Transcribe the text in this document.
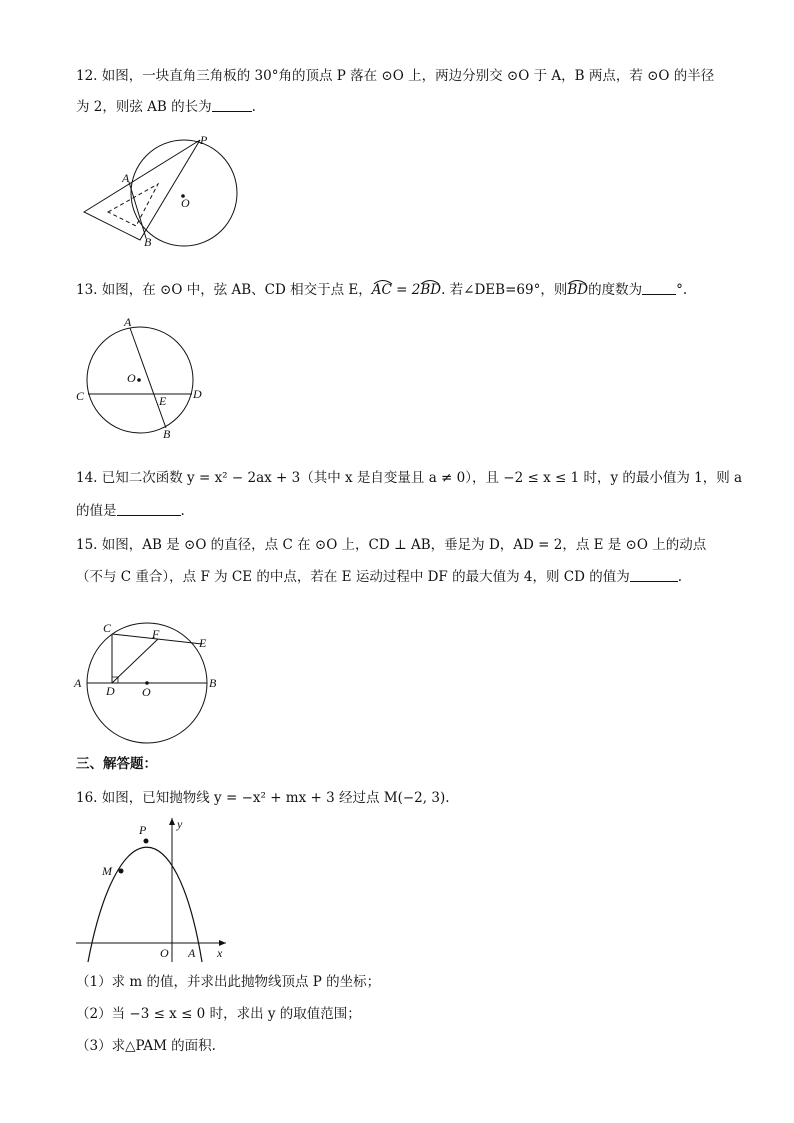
12. 如图，一块直角三角板的 30°角的顶点 P 落在 ⊙O 上，两边分别交 ⊙O 于 A，B 两点，若 ⊙O 的半径
为 2，则弦 AB 的长为	.
P
A
O
B
13. 如图，在 ⊙O 中，弦 AB、CD 相交于点 E，
AC = 2BD. 若∠DEB=69°，则
BD的度数为	°.
A
C	D
O
E
B
14. 已知二次函数 y = x² − 2ax + 3（其中 x 是自变量且 a ≠ 0），且 −2 ≤ x ≤ 1 时，y 的最小值为 1，则 a
的值是	.
15. 如图，AB 是 ⊙O 的直径，点 C 在 ⊙O 上，CD ⊥ AB，垂足为 D，AD = 2，点 E 是 ⊙O 上的动点
（不与 C 重合），点 F 为 CE 的中点，若在 E 运动过程中 DF 的最大值为 4，则 CD 的值为	.
C	F
E
A
D O
B
三、解答题：
16. 如图，已知抛物线 y = −x² + mx + 3 经过点 M(−2, 3).
y
P
M
O A x
（1）求 m 的值，并求出此抛物线顶点 P 的坐标；
（2）当 −3 ≤ x ≤ 0 时，求出 y 的取值范围；
（3）求△PAM 的面积.
